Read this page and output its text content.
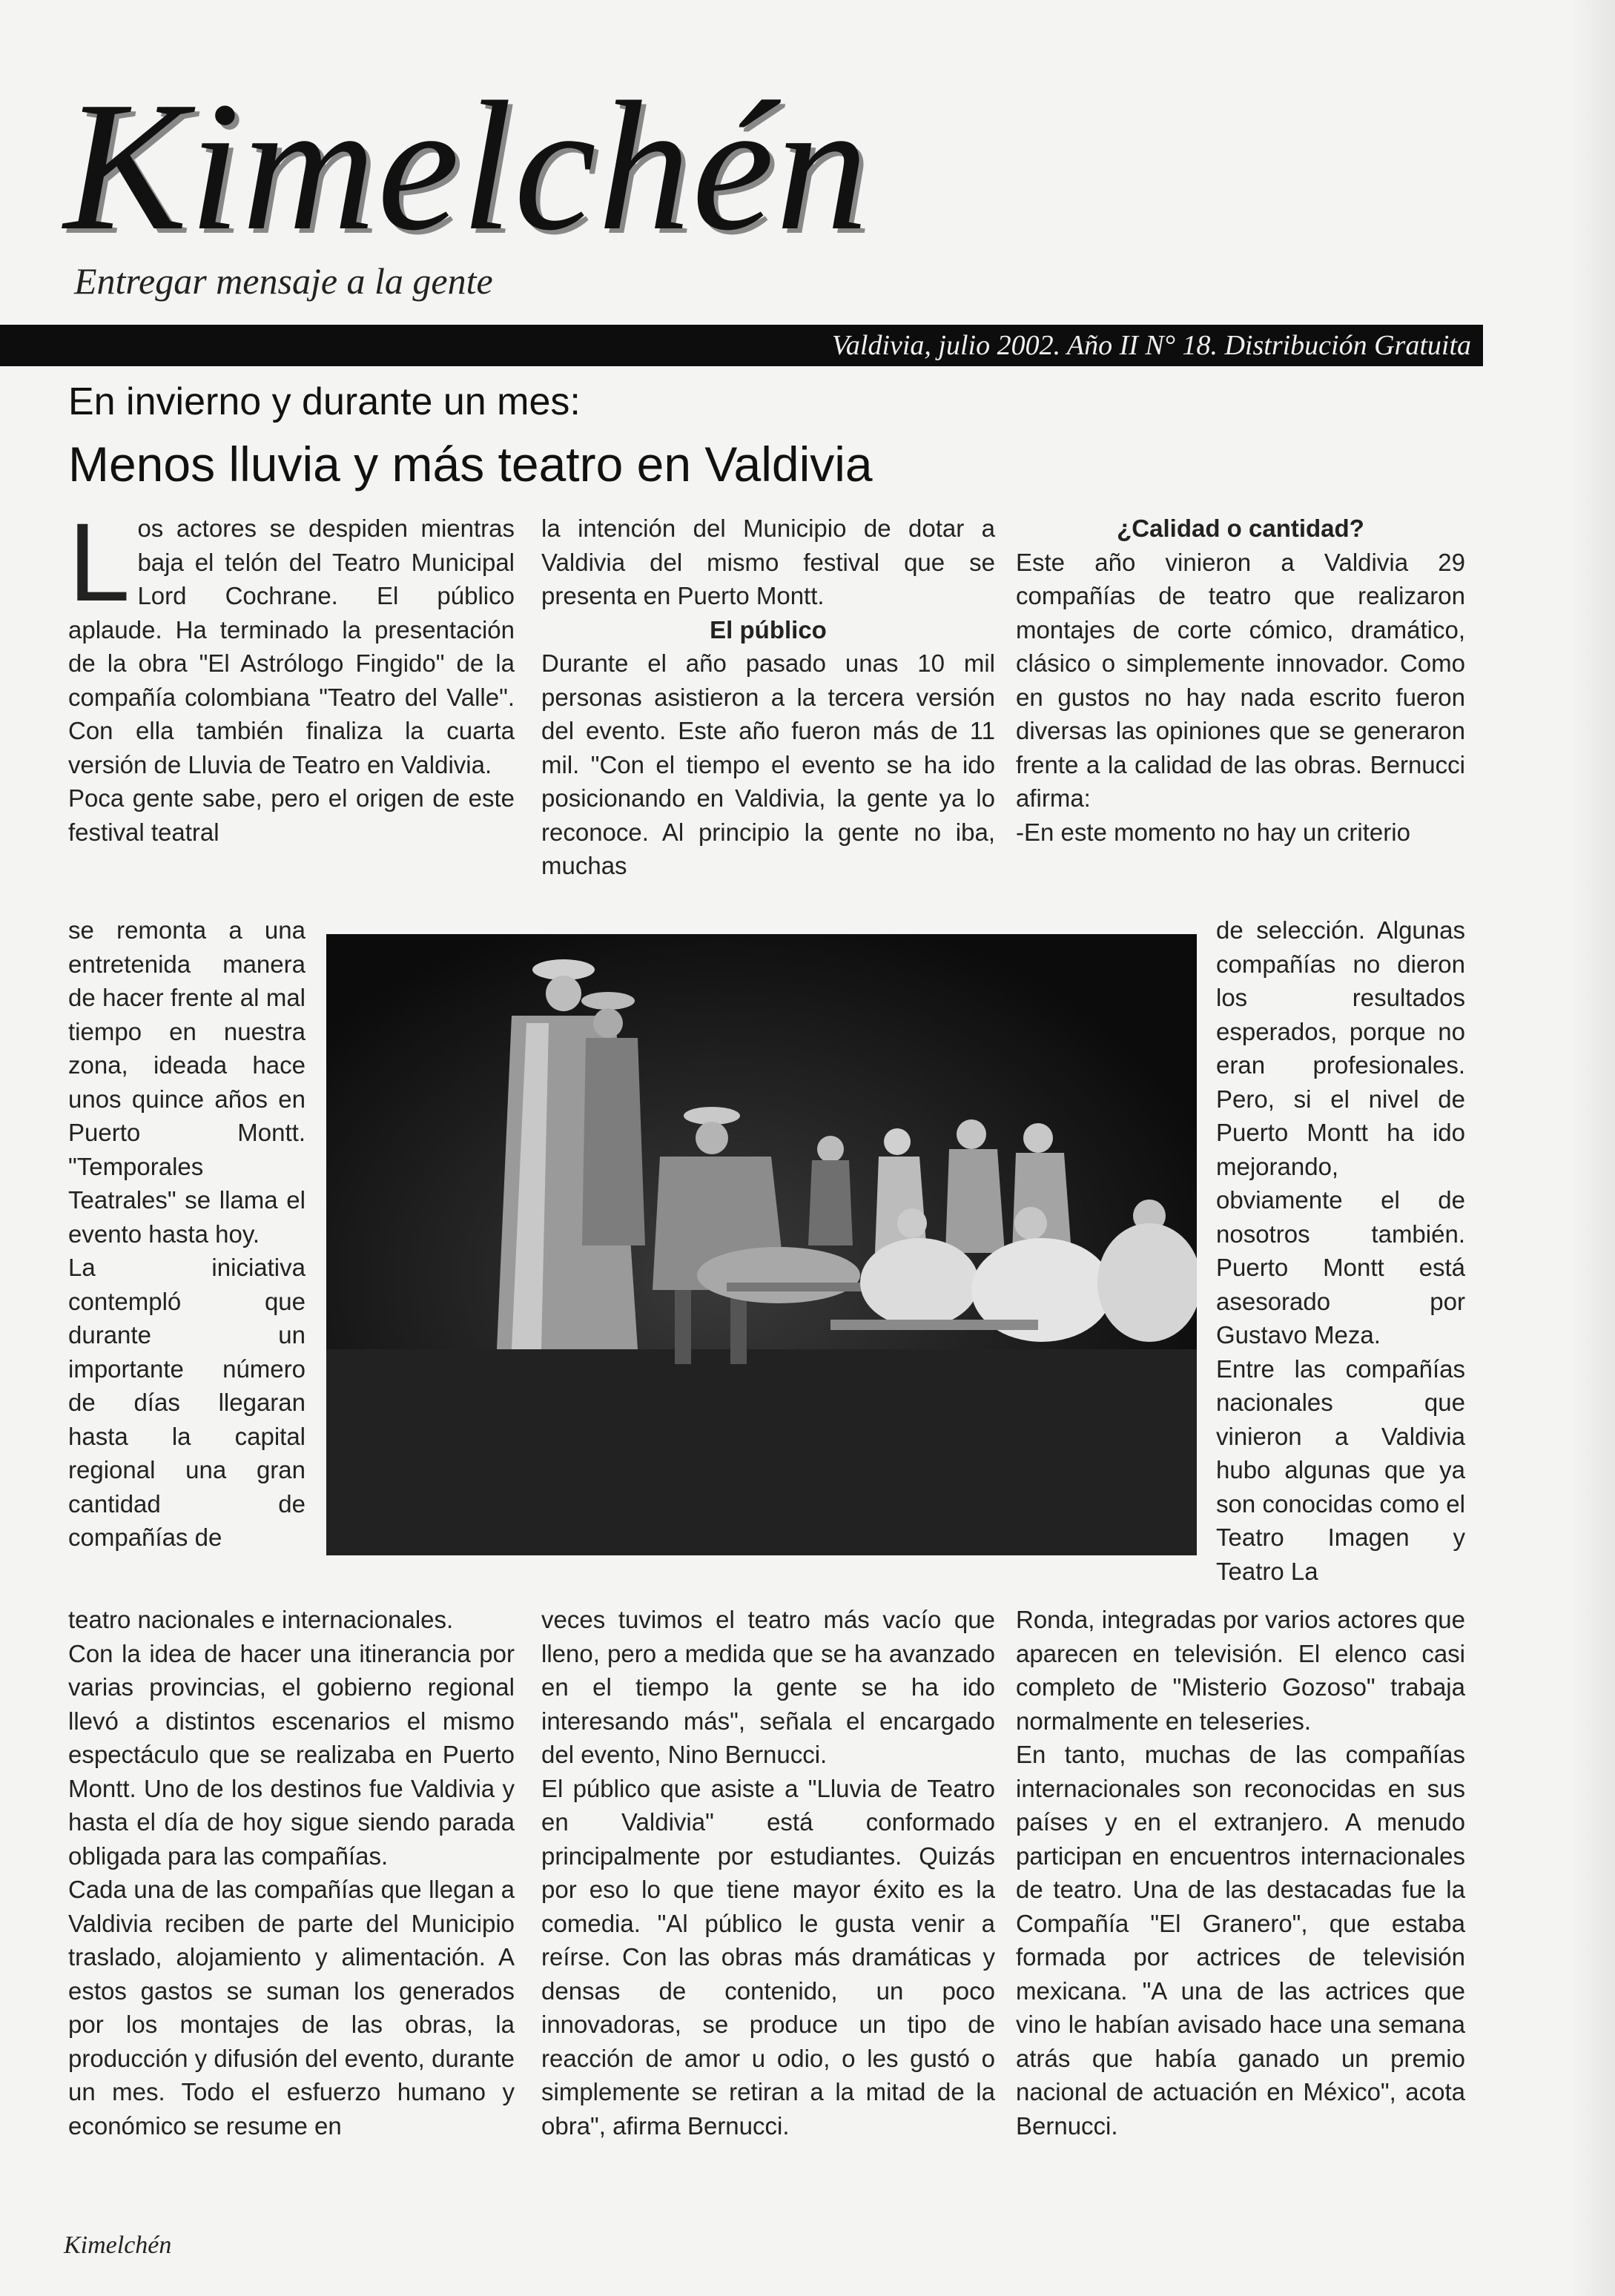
Kimelchén
Entregar mensaje a la gente
Valdivia, julio 2002. Año II N° 18. Distribución Gratuita
En invierno y durante un mes:
Menos lluvia y más teatro en Valdivia

Los actores se despiden mientras baja el telón del Teatro Municipal Lord Cochrane. El público aplaude. Ha terminado la presentación de la obra "El Astrólogo Fingido" de la compañía colombiana "Teatro del Valle". Con ella también finaliza la cuarta versión de Lluvia de Teatro en Valdivia.

Poca gente sabe, pero el origen de este festival teatral

se remonta a una entretenida manera de hacer frente al mal tiempo en nuestra zona, ideada hace unos quince años en Puerto Montt. "Temporales Teatrales" se llama el evento hasta hoy.

La iniciativa contempló que durante un importante número de días llegaran hasta la capital regional una gran cantidad de compañías de

la intención del Municipio de dotar a Valdivia del mismo festival que se presenta en Puerto Montt.

El público

Durante el año pasado unas 10 mil personas asistieron a la tercera versión del evento. Este año fueron más de 11 mil. "Con el tiempo el evento se ha ido posicionando en Valdivia, la gente ya lo reconoce. Al principio la gente no iba, muchas

¿Calidad o cantidad?

Este año vinieron a Valdivia 29 compañías de teatro que realizaron montajes de corte cómico, dramático, clásico o simplemente innovador. Como en gustos no hay nada escrito fueron diversas las opiniones que se generaron frente a la calidad de las obras. Bernucci afirma:

-En este momento no hay un criterio

de selección. Algunas compañías no dieron los resultados esperados, porque no eran profesionales. Pero, si el nivel de Puerto Montt ha ido mejorando, obviamente el de nosotros también. Puerto Montt está asesorado por Gustavo Meza.

Entre las compañías nacionales que vinieron a Valdivia hubo algunas que ya son conocidas como el Teatro Imagen y Teatro La

teatro nacionales e internacionales.

Con la idea de hacer una itinerancia por varias provincias, el gobierno regional llevó a distintos escenarios el mismo espectáculo que se realizaba en Puerto Montt. Uno de los destinos fue Valdivia y hasta el día de hoy sigue siendo parada obligada para las compañías.

Cada una de las compañías que llegan a Valdivia reciben de parte del Municipio traslado, alojamiento y alimentación. A estos gastos se suman los generados por los montajes de las obras, la producción y difusión del evento, durante un mes. Todo el esfuerzo humano y económico se resume en

veces tuvimos el teatro más vacío que lleno, pero a medida que se ha avanzado en el tiempo la gente se ha ido interesando más", señala el encargado del evento, Nino Bernucci.

El público que asiste a "Lluvia de Teatro en Valdivia" está conformado principalmente por estudiantes. Quizás por eso lo que tiene mayor éxito es la comedia. "Al público le gusta venir a reírse. Con las obras más dramáticas y densas de contenido, un poco innovadoras, se produce un tipo de reacción de amor u odio, o les gustó o simplemente se retiran a la mitad de la obra", afirma Bernucci.

Ronda, integradas por varios actores que aparecen en televisión. El elenco casi completo de "Misterio Gozoso" trabaja normalmente en teleseries.

En tanto, muchas de las compañías internacionales son reconocidas en sus países y en el extranjero. A menudo participan en encuentros internacionales de teatro. Una de las destacadas fue la Compañía "El Granero", que estaba formada por actrices de televisión mexicana. "A una de las actrices que vino le habían avisado hace una semana atrás que había ganado un premio nacional de actuación en México", acota Bernucci.

Kimelchén
